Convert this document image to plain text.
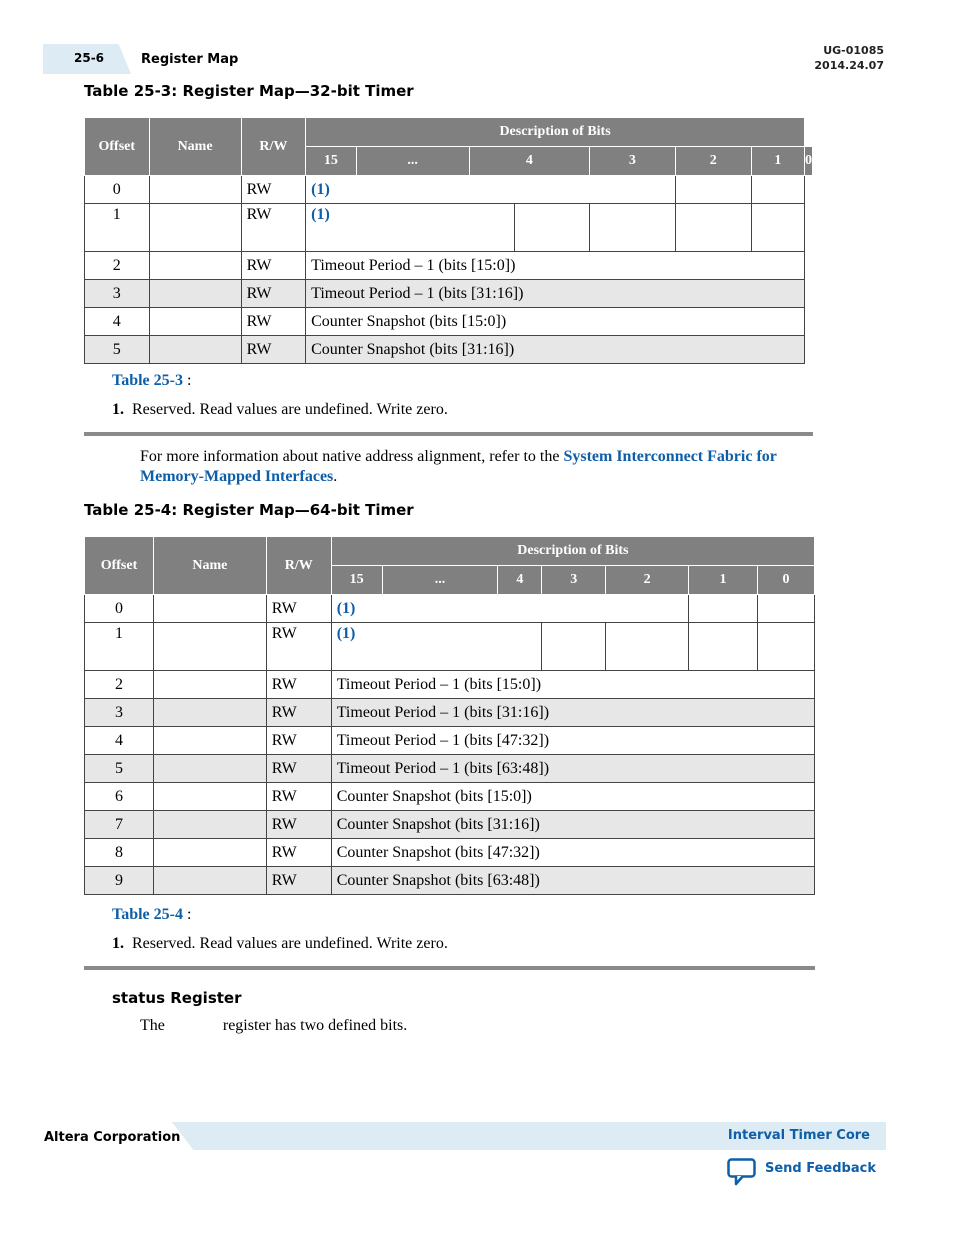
25-6	Register Map
UG-01085
2014.24.07
Table 25-3: Register Map—32-bit Timer
Offset	Name	R/W	Description of Bits							
			15	...	4		3	2	1	0
0		RW	(1)							
1		RW	(1)							
2		RW	Timeout Period – 1 (bits [15:0])							
3		RW	Timeout Period – 1 (bits [31:16])							
4		RW	Counter Snapshot (bits [15:0])							
5		RW	Counter Snapshot (bits [31:16])							
Table 25-3 :
1. Reserved. Read values are undefined. Write zero.
For more information about native address alignment, refer to the System Interconnect Fabric for Memory-Mapped Interfaces.
Table 25-4: Register Map—64-bit Timer
Offset	Name	R/W	Description of Bits						
			15	...	4	3	2	1	0
0		RW	(1)						
1		RW	(1)						
2		RW	Timeout Period – 1 (bits [15:0])						
3		RW	Timeout Period – 1 (bits [31:16])						
4		RW	Timeout Period – 1 (bits [47:32])						
5		RW	Timeout Period – 1 (bits [63:48])						
6		RW	Counter Snapshot (bits [15:0])						
7		RW	Counter Snapshot (bits [31:16])						
8		RW	Counter Snapshot (bits [47:32])						
9		RW	Counter Snapshot (bits [63:48])						
Table 25-4 :
1. Reserved. Read values are undefined. Write zero.
status Register
The	register has two defined bits.
Altera Corporation	Interval Timer Core
Send Feedback
